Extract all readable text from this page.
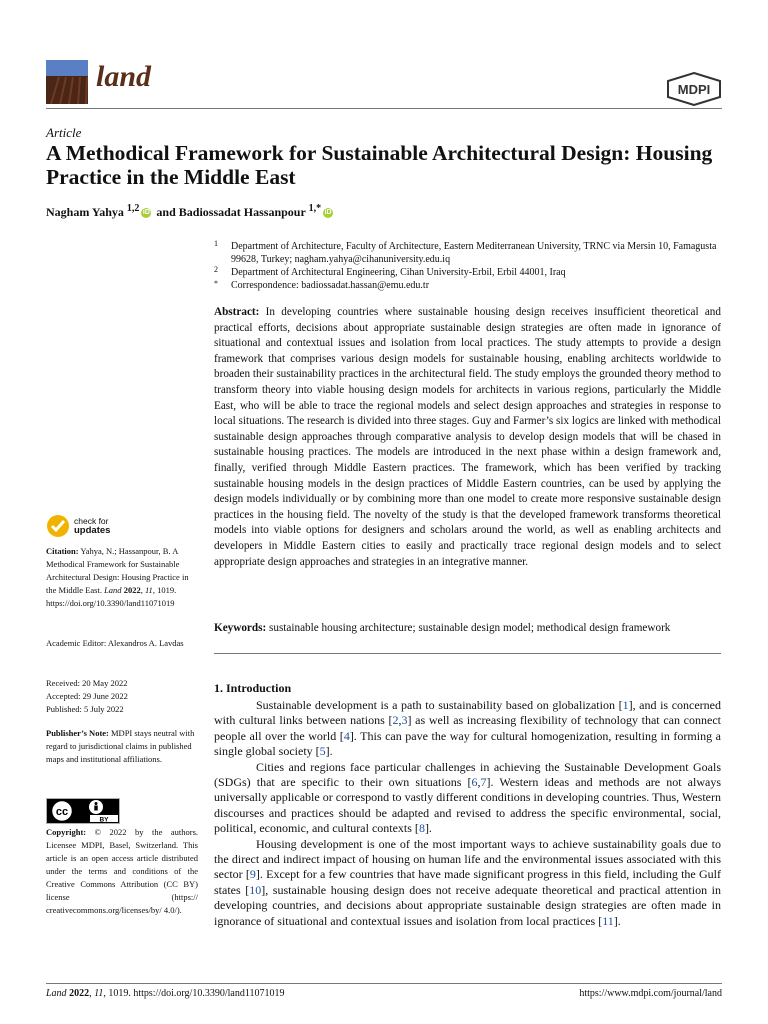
land	MDPI
Article
A Methodical Framework for Sustainable Architectural Design: Housing Practice in the Middle East
Nagham Yahya $^{1,2}$ iD and Badiossadat Hassanpour $^{1,*}$ iD
1 Department of Architecture, Faculty of Architecture, Eastern Mediterranean University, TRNC via Mersin 10, Famagusta 99628, Turkey; nagham.yahya@cihanuniversity.edu.iq
2 Department of Architectural Engineering, Cihan University-Erbil, Erbil 44001, Iraq
* Correspondence: badiossadat.hassan@emu.edu.tr
Abstract: In developing countries where sustainable housing design receives insufficient theoretical and practical efforts, decisions about appropriate sustainable design strategies are often made in ignorance of situational and contextual issues and isolation from local practices. The study attempts to provide a design framework that comprises various design models for sustainable housing, enabling architects worldwide to broaden their sustainability practices in the architectural field. The study employs the grounded theory method to transform theory into viable housing design models for architects in various regions, particularly the Middle East, who will be able to trace the regional models and select design approaches and strategies in response to local situations. The research is divided into three stages. Guy and Farmer’s six logics are linked with methodical sustainable design approaches through comparative analysis to develop design models that will be chased in sustainable housing practices. The models are introduced in the next phase within a design framework and, finally, verified through Middle Eastern practices. The framework, which has been verified by tracking sustainable housing models in the design practices of Middle Eastern countries, can be used by applying the design models individually or by combining more than one model to create more responsive sustainable design practices in the housing field. The novelty of the study is that the developed framework transforms theoretical models into viable options for designers and scholars around the world, as well as enabling architects and developers in Middle Eastern cities to easily and practically trace regional design models and to select appropriate design approaches and strategies in an integrative manner.
Keywords: sustainable housing architecture; sustainable design model; methodical design framework
1. Introduction

Sustainable development is a path to sustainability based on globalization [1], and is concerned with cultural links between nations [2,3] as well as increasing flexibility of technology that can connect people all over the world [4]. This can pave the way for cultural homogenization, resulting in forming a single global society [5].

Cities and regions face particular challenges in achieving the Sustainable Development Goals (SDGs) that are specific to their own situations [6,7]. Western ideas and methods are not always universally applicable or correspond to vastly different conditions in developing countries. Thus, Western discourses and practices should be adapted and revised to address the specific environmental, social, political, economic, and cultural contexts [8].

Housing development is one of the most important ways to achieve sustainability goals due to the direct and indirect impact of housing on human life and the environmental issues associated with this sector [9]. Except for a few countries that have made significant progress in this field, including the Gulf states [10], sustainable housing design does not receive adequate theoretical and practical attention in developing countries, and decisions about appropriate sustainable design strategies are often made in ignorance of situational and contextual issues and isolation from local practices [11].

check for
updates
Citation: Yahya, N.; Hassanpour, B. A Methodical Framework for Sustainable Architectural Design: Housing Practice in the Middle East. Land 2022, 11, 1019. https://doi.org/10.3390/land11071019
Academic Editor: Alexandros A. Lavdas
Received: 20 May 2022
Accepted: 29 June 2022
Published: 5 July 2022
Publisher’s Note: MDPI stays neutral with regard to jurisdictional claims in published maps and institutional affiliations.
cc
BY
Copyright: © 2022 by the authors. Licensee MDPI, Basel, Switzerland. This article is an open access article distributed under the terms and conditions of the Creative Commons Attribution (CC BY) license (https:// creativecommons.org/licenses/by/ 4.0/).
Land 2022, 11, 1019. https://doi.org/10.3390/land11071019	https://www.mdpi.com/journal/land
